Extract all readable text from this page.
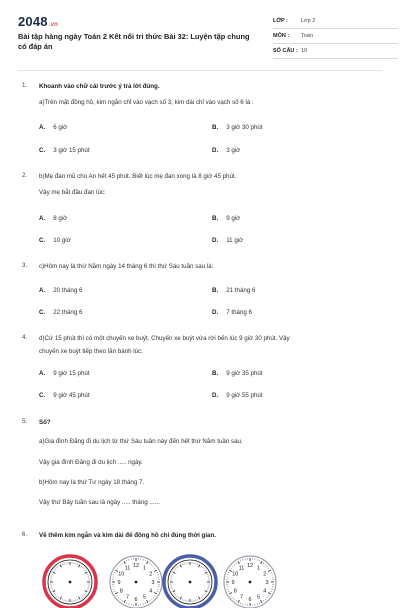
2048.vn
Bài tập hàng ngày Toán 2 Kết nối tri thức Bài 32: Luyện tập chung có đáp án
LỚP :	Lớp 2
MÔN :	Toán
SỐ CÂU : 10
1.	Khoanh vào chữ cái trước ý trả lời đúng.
a)Trên mặt đồng hồ, kim ngắn chỉ vào vạch số 3, kim dài chỉ vào vạch số 6 là :
A. 6 giờ	B. 3 giờ 30 phút
C. 3 giờ 15 phút	D. 3 giờ
2.	b)Mẹ đan mũ cho An hết 45 phút. Biết lúc mẹ đan xong là 8 giờ 45 phút.
Vậy mẹ bắt đầu đan lúc:
A. 8 giờ	B. 9 giờ
C. 10 giờ	D. 11 giờ
3.	c)Hôm nay là thứ Năm ngày 14 tháng 6 thì thứ Sáu tuần sau là:
A. 20 tháng 6	B. 21 tháng 6
C. 22 tháng 6	D. 7 tháng 6
4.	d)Cứ 15 phút thì có một chuyến xe buýt. Chuyến xe buýt vừa rời bến lúc 9 giờ 30 phút. Vậy
chuyến xe buýt tiếp theo lăn bánh lúc:
A. 9 giờ 15 phút	B. 9 giờ 35 phút
C. 9 giờ 45 phút	D. 9 giờ 55 phút
5.	Số?
a)Gia đình Đăng đi du lịch từ thứ Sáu tuần này đến hết thứ Năm tuần sau.
Vậy gia đình Đăng đi du lịch ..... ngày.
b)Hôm nay là thứ Tư ngày 18 tháng 7.
Vậy thứ Bảy tuần sau là ngày ..... tháng ......
6.	Vẽ thêm kim ngắn và kim dài để đồng hồ chỉ đúng thời gian.
12 1
2
3
4
5
6
7
8
9
10
11	12 1
2
3
4
5
6
7
8
9
10
11
